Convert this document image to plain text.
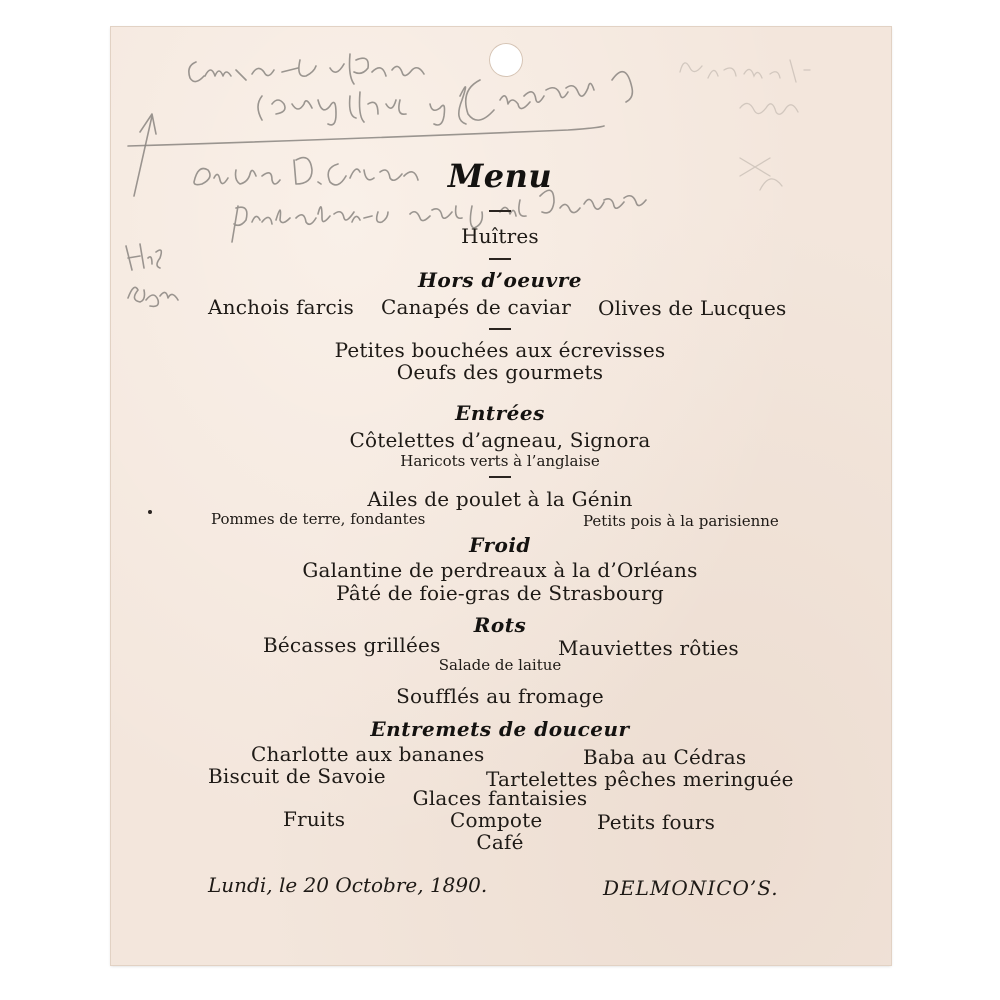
Menu
Huîtres
Hors d’oeuvre
Anchois farcis Canapés de caviar Olives de Lucques
Petites bouchées aux écrevisses
Oeufs des gourmets
Entrées
Côtelettes d’agneau, Signora
Haricots verts à l’anglaise
Ailes de poulet à la Génin
Pommes de terre, fondantes	Petits pois à la parisienne
Froid
Galantine de perdreaux à la d’Orléans
Pâté de foie-gras de Strasbourg
Rots
Bécasses grillées	Mauviettes rôties
Salade de laitue
Soufflés au fromage
Entremets de douceur
Charlotte aux bananes	Baba au Cédras
Biscuit de Savoie	Tartelettes pêches meringuée
Glaces fantaisies
Fruits	Compote	Petits fours
Café
Lundi, le 20 Octobre, 1890.	DELMONICO’S.
